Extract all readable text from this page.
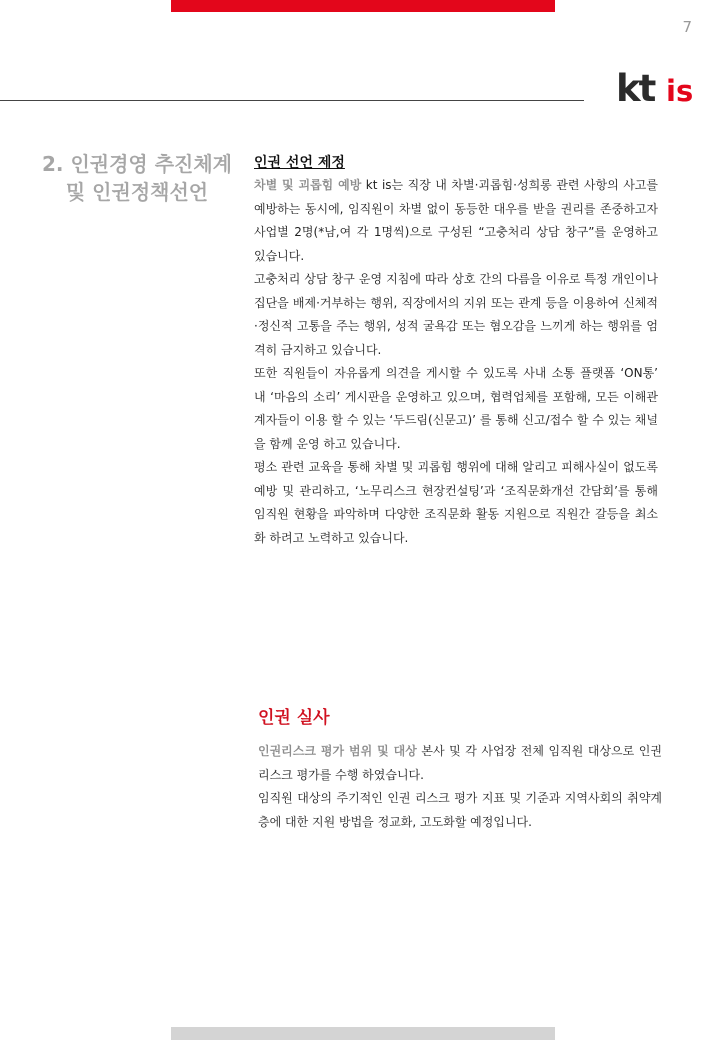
7
kt is
2. 인권경영 추진체계
및 인권정책선언

인권 선언 제정

차별 및 괴롭힘 예방 kt is는 직장 내 차별·괴롭힘·성희롱 관련 사항의 사고를 예방하는 동시에, 임직원이 차별 없이 동등한 대우를 받을 권리를 존중하고자 사업별 2명(*남,여 각 1명씩)으로 구성된 “고충처리 상담 창구”를 운영하고 있습니다.

고충처리 상담 창구 운영 지침에 따라 상호 간의 다름을 이유로 특정 개인이나 집단을 배제·거부하는 행위, 직장에서의 지위 또는 관계 등을 이용하여 신체적·정신적 고통을 주는 행위, 성적 굴욕감 또는 혐오감을 느끼게 하는 행위를 엄격히 금지하고 있습니다.

또한 직원들이 자유롭게 의견을 게시할 수 있도록 사내 소통 플랫폼 ‘ON통’ 내 ‘마음의 소리’ 게시판을 운영하고 있으며, 협력업체를 포함해, 모든 이해관계자들이 이용 할 수 있는 ‘두드림(신문고)’ 를 통해 신고/접수 할 수 있는 채널을 함께 운영 하고 있습니다.

평소 관련 교육을 통해 차별 및 괴롭힘 행위에 대해 알리고 피해사실이 없도록 예방 및 관리하고, ‘노무리스크 현장컨설팅’과 ‘조직문화개선 간담회’를 통해 임직원 현황을 파악하며 다양한 조직문화 활동 지원으로 직원간 갈등을 최소화 하려고 노력하고 있습니다.

인권 실사

인권리스크 평가 범위 및 대상 본사 및 각 사업장 전체 임직원 대상으로 인권리스크 평가를 수행 하였습니다.

임직원 대상의 주기적인 인권 리스크 평가 지표 및 기준과 지역사회의 취약계층에 대한 지원 방법을 정교화, 고도화할 예정입니다.
